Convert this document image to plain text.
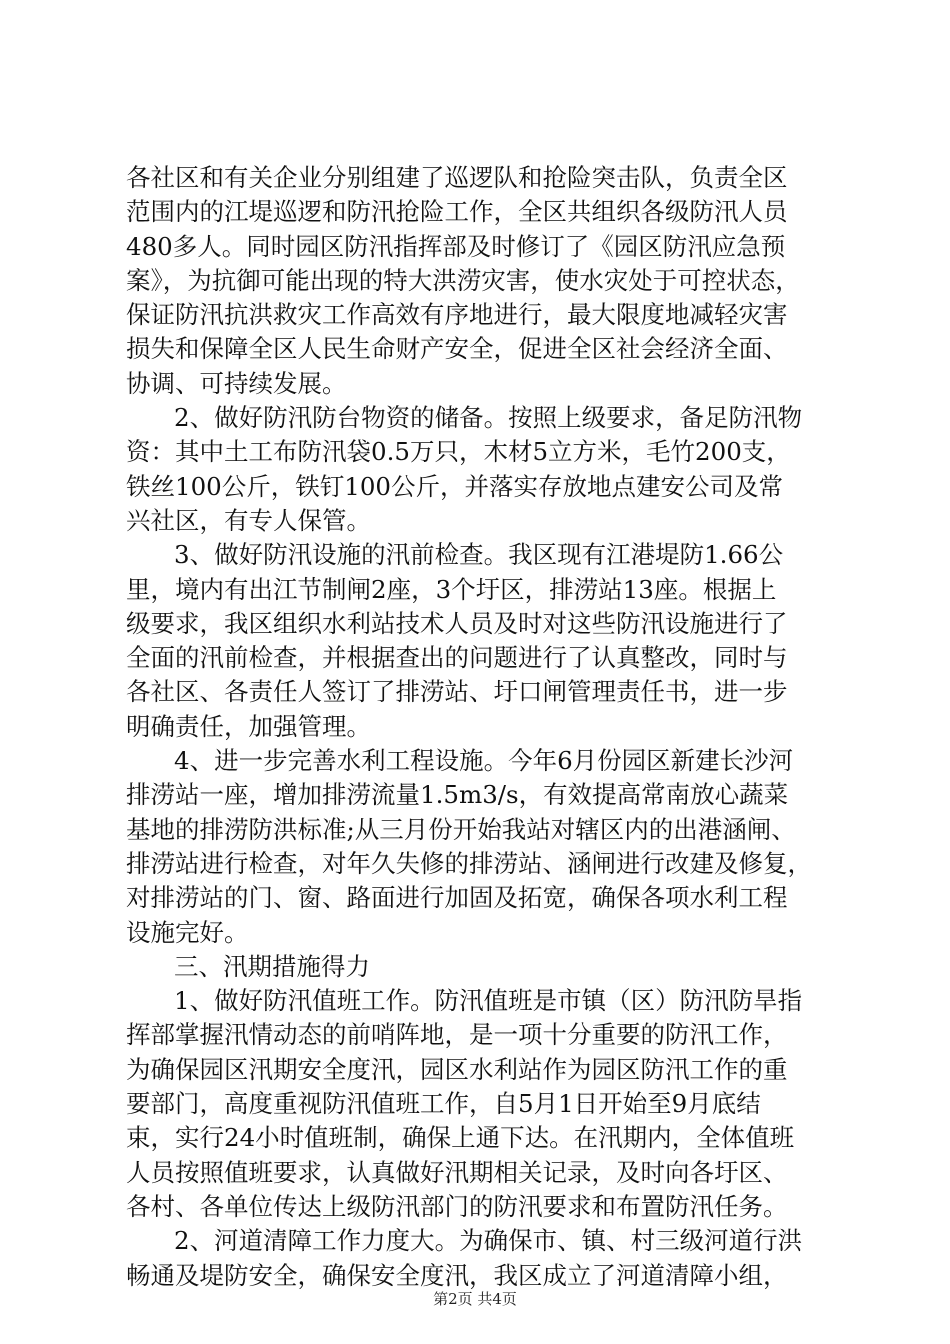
各社区和有关企业分别组建了巡逻队和抢险突击队，负责全区
范围内的江堤巡逻和防汛抢险工作，全区共组织各级防汛人员
480多人。同时园区防汛指挥部及时修订了《园区防汛应急预
案》，为抗御可能出现的特大洪涝灾害，使水灾处于可控状态，
保证防汛抗洪救灾工作高效有序地进行，最大限度地减轻灾害
损失和保障全区人民生命财产安全，促进全区社会经济全面、
协调、可持续发展。
2、做好防汛防台物资的储备。按照上级要求，备足防汛物
资：其中土工布防汛袋0.5万只，木材5立方米，毛竹200支，
铁丝100公斤，铁钉100公斤，并落实存放地点建安公司及常
兴社区，有专人保管。
3、做好防汛设施的汛前检查。我区现有江港堤防1.66公
里，境内有出江节制闸2座，3个圩区，排涝站13座。根据上
级要求，我区组织水利站技术人员及时对这些防汛设施进行了
全面的汛前检查，并根据查出的问题进行了认真整改，同时与
各社区、各责任人签订了排涝站、圩口闸管理责任书，进一步
明确责任，加强管理。
4、进一步完善水利工程设施。今年6月份园区新建长沙河
排涝站一座，增加排涝流量1.5m3/s，有效提高常南放心蔬菜
基地的排涝防洪标准;从三月份开始我站对辖区内的出港涵闸、
排涝站进行检查，对年久失修的排涝站、涵闸进行改建及修复，
对排涝站的门、窗、路面进行加固及拓宽，确保各项水利工程
设施完好。
三、汛期措施得力
1、做好防汛值班工作。防汛值班是市镇（区）防汛防旱指
挥部掌握汛情动态的前哨阵地，是一项十分重要的防汛工作，
为确保园区汛期安全度汛，园区水利站作为园区防汛工作的重
要部门，高度重视防汛值班工作，自5月1日开始至9月底结
束，实行24小时值班制，确保上通下达。在汛期内，全体值班
人员按照值班要求，认真做好汛期相关记录，及时向各圩区、
各村、各单位传达上级防汛部门的防汛要求和布置防汛任务。
2、河道清障工作力度大。为确保市、镇、村三级河道行洪
畅通及堤防安全，确保安全度汛，我区成立了河道清障小组，
第2页 共4页
